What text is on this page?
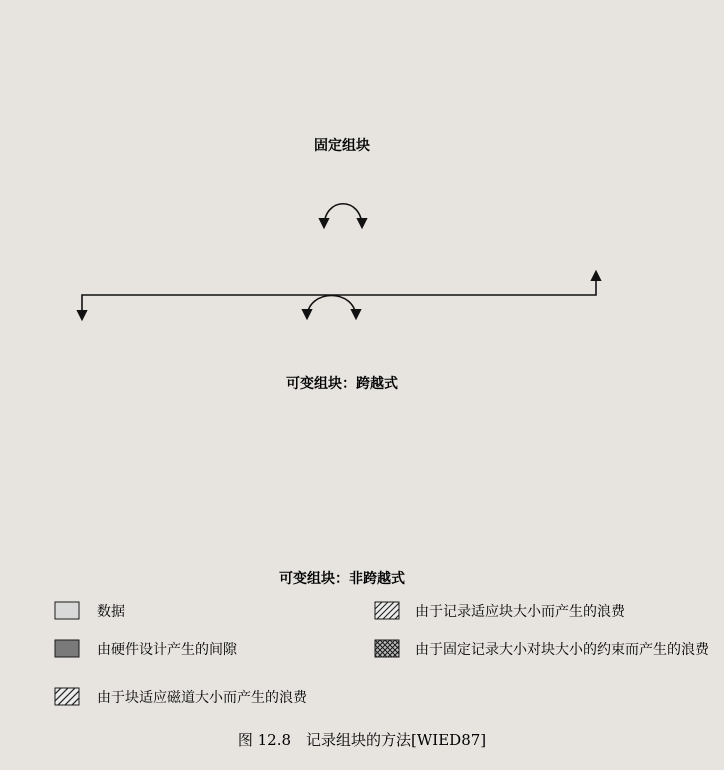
固定组块
可变组块：跨越式
可变组块：非跨越式
数据	由于记录适应块大小而产生的浪费
由硬件设计产生的间隙	由于固定记录大小对块大小的约束而产生的浪费
由于块适应磁道大小而产生的浪费
图 12.8　记录组块的方法[WIED87]
